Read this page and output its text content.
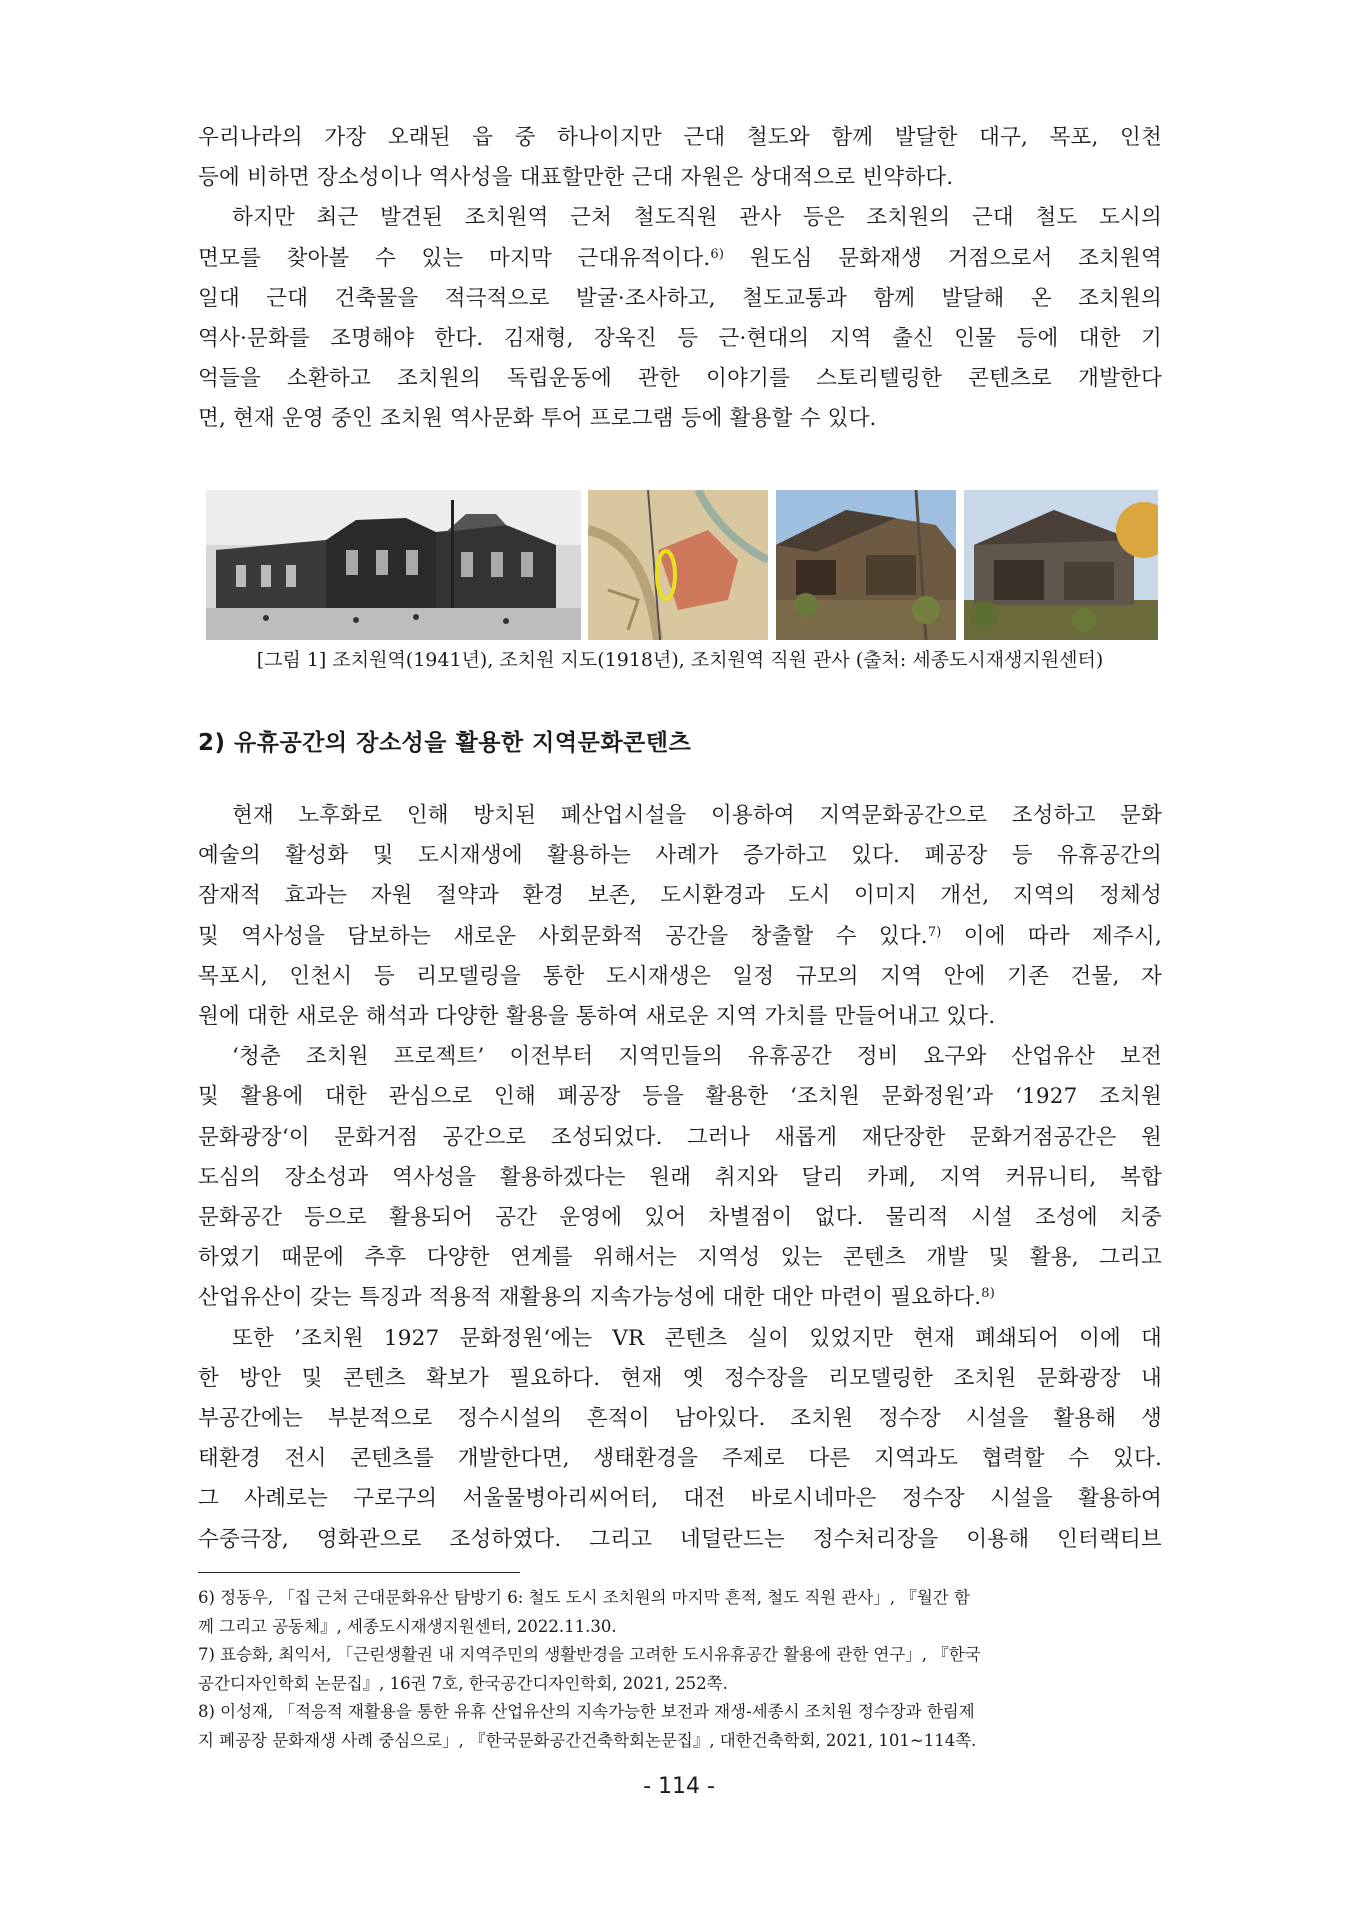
우리나라의 가장 오래된 읍 중 하나이지만 근대 철도와 함께 발달한 대구, 목포, 인천
등에 비하면 장소성이나 역사성을 대표할만한 근대 자원은 상대적으로 빈약하다.

하지만 최근 발견된 조치원역 근처 철도직원 관사 등은 조치원의 근대 철도 도시의
면모를 찾아볼 수 있는 마지막 근대유적이다.$^{6)}$ 원도심 문화재생 거점으로서 조치원역
일대 근대 건축물을 적극적으로 발굴·조사하고, 철도교통과 함께 발달해 온 조치원의
역사·문화를 조명해야 한다. 김재형, 장욱진 등 근·현대의 지역 출신 인물 등에 대한 기
억들을 소환하고 조치원의 독립운동에 관한 이야기를 스토리텔링한 콘텐츠로 개발한다
면, 현재 운영 중인 조치원 역사문화 투어 프로그램 등에 활용할 수 있다.

[그림 1] 조치원역(1941년), 조치원 지도(1918년), 조치원역 직원 관사 (출처: 세종도시재생지원센터)
2) 유휴공간의 장소성을 활용한 지역문화콘텐츠

현재 노후화로 인해 방치된 폐산업시설을 이용하여 지역문화공간으로 조성하고 문화
예술의 활성화 및 도시재생에 활용하는 사례가 증가하고 있다. 폐공장 등 유휴공간의
잠재적 효과는 자원 절약과 환경 보존, 도시환경과 도시 이미지 개선, 지역의 정체성
및 역사성을 담보하는 새로운 사회문화적 공간을 창출할 수 있다.$^{7)}$ 이에 따라 제주시,
목포시, 인천시 등 리모델링을 통한 도시재생은 일정 규모의 지역 안에 기존 건물, 자
원에 대한 새로운 해석과 다양한 활용을 통하여 새로운 지역 가치를 만들어내고 있다.

‘청춘 조치원 프로젝트’ 이전부터 지역민들의 유휴공간 정비 요구와 산업유산 보전
및 활용에 대한 관심으로 인해 폐공장 등을 활용한 ‘조치원 문화정원’과 ‘1927 조치원
문화광장‘이 문화거점 공간으로 조성되었다. 그러나 새롭게 재단장한 문화거점공간은 원
도심의 장소성과 역사성을 활용하겠다는 원래 취지와 달리 카페, 지역 커뮤니티, 복합
문화공간 등으로 활용되어 공간 운영에 있어 차별점이 없다. 물리적 시설 조성에 치중
하였기 때문에 추후 다양한 연계를 위해서는 지역성 있는 콘텐츠 개발 및 활용, 그리고
산업유산이 갖는 특징과 적용적 재활용의 지속가능성에 대한 대안 마련이 필요하다.$^{8)}$

또한 ’조치원 1927 문화정원‘에는 VR 콘텐츠 실이 있었지만 현재 폐쇄되어 이에 대
한 방안 및 콘텐츠 확보가 필요하다. 현재 옛 정수장을 리모델링한 조치원 문화광장 내
부공간에는 부분적으로 정수시설의 흔적이 남아있다. 조치원 정수장 시설을 활용해 생
태환경 전시 콘텐츠를 개발한다면, 생태환경을 주제로 다른 지역과도 협력할 수 있다.
그 사례로는 구로구의 서울물병아리씨어터, 대전 바로시네마은 정수장 시설을 활용하여
수중극장, 영화관으로 조성하였다. 그리고 네덜란드는 정수처리장을 이용해 인터랙티브

6) 정동우, 「집 근처 근대문화유산 탐방기 6: 철도 도시 조치원의 마지막 흔적, 철도 직원 관사」, 『월간 함
께 그리고 공동체』, 세종도시재생지원센터, 2022.11.30.

7) 표승화, 최익서, 「근린생활권 내 지역주민의 생활반경을 고려한 도시유휴공간 활용에 관한 연구」, 『한국
공간디자인학회 논문집』, 16권 7호, 한국공간디자인학회, 2021, 252쪽.

8) 이성재, 「적응적 재활용을 통한 유휴 산업유산의 지속가능한 보전과 재생-세종시 조치원 정수장과 한림제
지 폐공장 문화재생 사례 중심으로」, 『한국문화공간건축학회논문집』, 대한건축학회, 2021, 101~114쪽.

- 114 -
